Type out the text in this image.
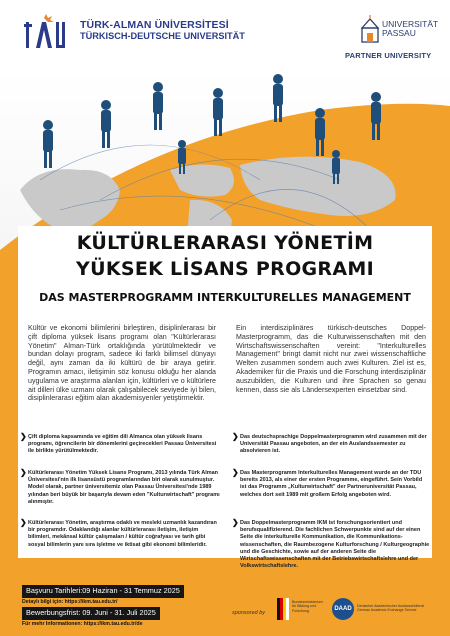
TÜRK-ALMAN ÜNİVERSİTESİ
TÜRKISCH-DEUTSCHE UNIVERSITÄT
UNIVERSITÄT
PASSAU
PARTNER UNIVERSITY
KÜLTÜRLERARASI YÖNETİM
YÜKSEK LİSANS PROGRAMI
DAS MASTERPROGRAMM INTERKULTURELLES MANAGEMENT
Kültür ve ekonomi bilimlerini birleştiren, disiplinlerarası bir çift diploma yüksek lisans programı olan "Kültürlerarası Yönetim" Alman-Türk ortaklığında yürütülmektedir ve bundan dolayı program, sadece iki farklı bilimsel dünyayı değil, aynı zaman da iki kültürü de bir araya getirir. Programın amacı, iletişimin söz konusu olduğu her alanda uygulama ve araştırma alanları için, kültürleri ve o kültürlere ait dilleri ülke uzmanı olarak çalışabilecek seviyede iyi bilen, disiplinlerarası eğitim alan akademisyenler yetiştirmektir.
Ein interdisziplinäres türkisch-deutsches Doppel-Masterprogramm, das die Kulturwissenschaften mit den Wirtschaftswissenschaften vereint: "Interkulturelles Management" bringt damit nicht nur zwei wissenschaftliche Welten zusammen sondern auch zwei Kulturen. Ziel ist es, Akademiker für die Praxis und die Forschung interdisziplinär auszubilden, die Kulturen und ihre Sprachen so genau kennen, dass sie als Ländersexperten einsetzbar sind.
❯ Çift diploma kapsamında ve eğitim dili Almanca olan yüksek lisans programı, öğrencilerin bir dönemlerini geçirecekleri Passau Üniversitesi ile birlikte yürütülmektedir.
❯ Kültürlerarası Yönetim Yüksek Lisans Programı, 2013 yılında Türk Alman Üniversitesi'nin ilk lisansüstü programlarından biri olarak sunulmuştur. Model olarak, partner üniversitemiz olan Passau Üniversitesi'nde 1989 yılından beri büyük bir başarıyla devam eden "Kulturwirtschaft" programı alınmıştır.
❯ Kültürlerarası Yönetim, araştırma odaklı ve mesleki uzmanlık kazandıran bir programdır. Odaklandığı alanlar kültürlerarası iletişim, iletişim bilimleri, mekânsal kültür çalışmaları / kültür coğrafyası ve tarih gibi sosyal bilimlerin yanı sıra işletme ve iktisat gibi ekonomi bilimleridir.
❯ Das deutschsprachige Doppelmasterprogramm wird zusammen mit der Universität Passau angeboten, an der ein Auslandssemester zu absolvieren ist.
❯ Das Masterprogramm Interkulturelles Management wurde an der TDU bereits 2013, als einer der ersten Programme, eingeführt. Sein Vorbild ist das Programm „Kulturwirtschaft" der Partneruniversität Passau, welches dort seit 1989 mit großem Erfolg angeboten wird.
❯ Das Doppelmasterprogramm IKM ist forschungsorientiert und berufsqualifizierend. Die fachlichen Schwerpunkte sind auf der einen Seite die interkulturelle Kommunikation, die Kommunikations-wissenschaften, die Raumbezogene Kulturforschung / Kulturgeographie und die Geschichte, sowie auf der anderen Seite die Wirtschaftswissenschaften mit der Betriebswirtschaftslehre und der Volkswirtschaftslehre.
Başvuru Tarihleri:09 Haziran - 31 Temmuz 2025
Detaylı bilgi için: https://ikm.tau.edu.tr/
Bewerbungsfrist: 09. Juni - 31. Juli 2025
Für mehr Informationen: https://ikm.tau.edu.tr/de
sponsored by
Bundesministerium für Bildung und Forschung	DAAD Deutscher Akademischer Austauschdienst German Academic Exchange Service
